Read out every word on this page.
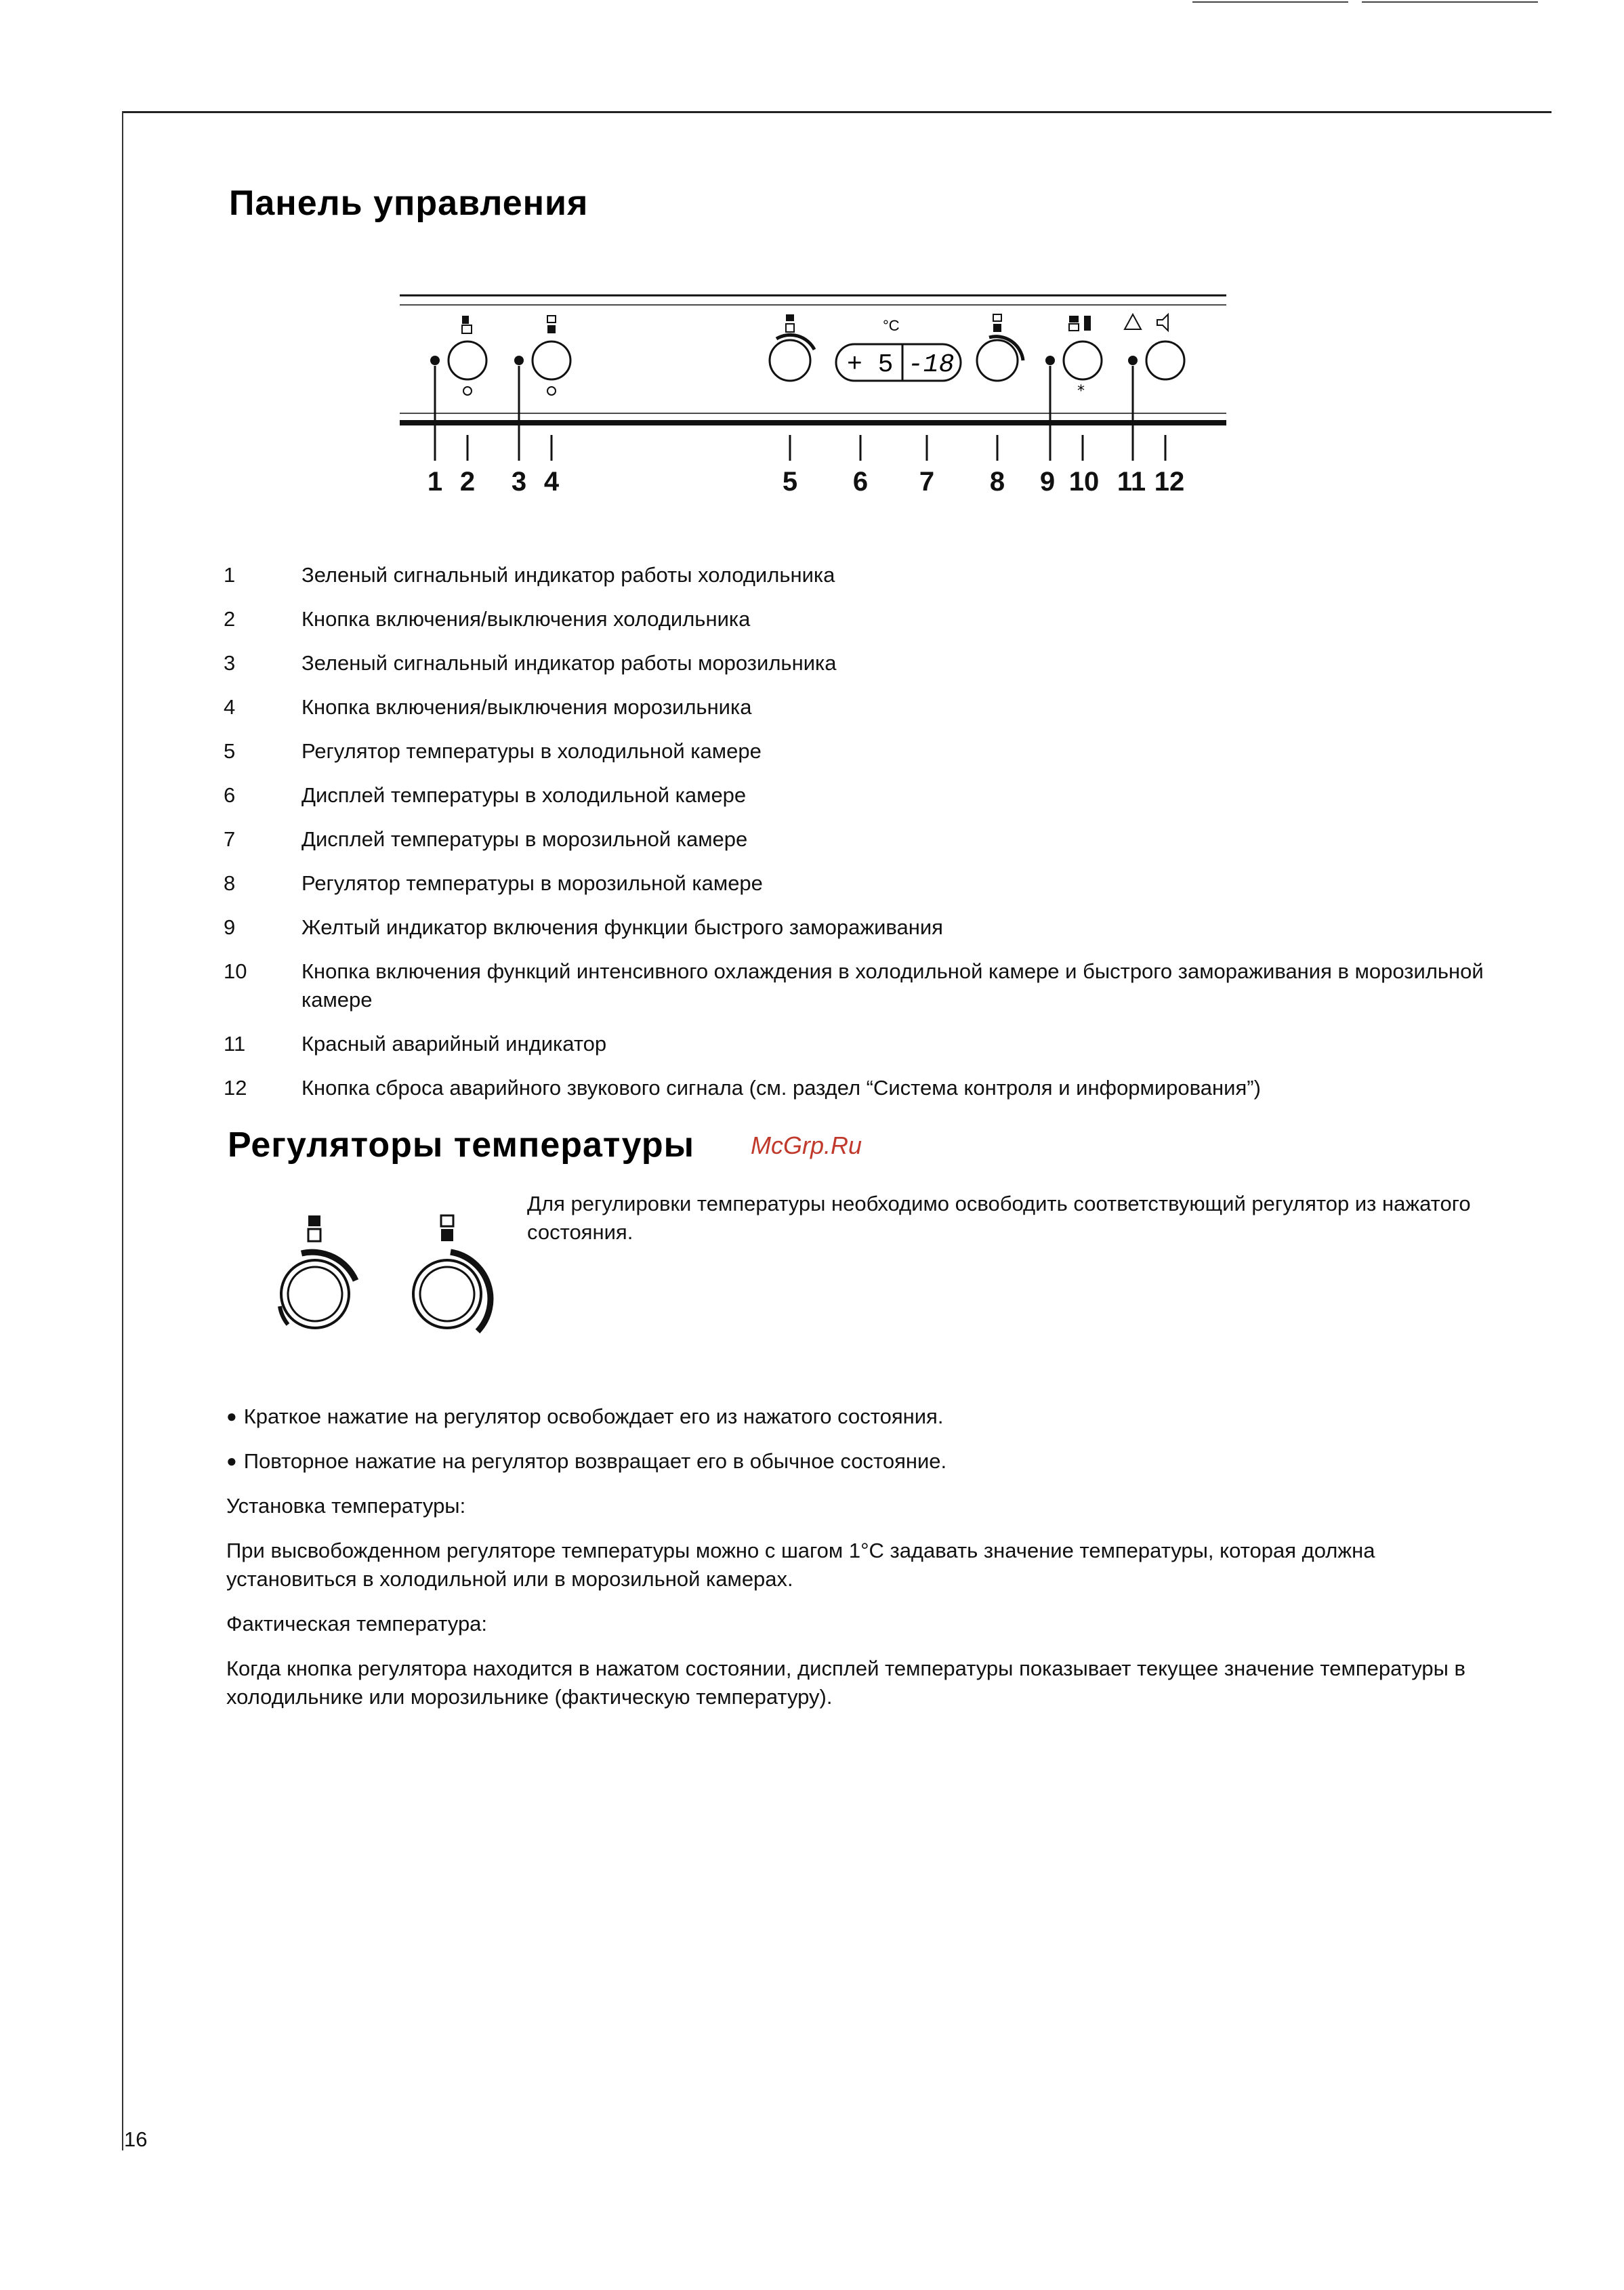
Панель управления
°C
+ 5 -18
*
1 2 3 4	5 6 7 8 9 10 11 12
1	Зеленый сигнальный индикатор работы холодильника
2	Кнопка включения/выключения холодильника
3	Зеленый сигнальный индикатор работы морозильника
4	Кнопка включения/выключения морозильника
5	Регулятор температуры в холодильной камере
6	Дисплей температуры в холодильной камере
7	Дисплей температуры в морозильной камере
8	Регулятор температуры в морозильной камере
9	Желтый индикатор включения функции быстрого замораживания
10	Кнопка включения функций интенсивного охлаждения в холодильной камере и быстрого замораживания в морозильной камере
11	Красный аварийный индикатор
12	Кнопка сброса аварийного звукового сигнала (см. раздел “Система контроля и информирования”)
Регуляторы температуры McGrp.Ru
Для регулировки температуры необходимо освободить соответствующий регулятор из нажатого состояния.
● Краткое нажатие на регулятор освобождает его из нажатого состояния.
● Повторное нажатие на регулятор возвращает его в обычное состояние.
Установка температуры:
При высвобожденном регуляторе температуры можно с шагом 1°С задавать значение температуры, которая должна установиться в холодильной или в морозильной камерах.
Фактическая температура:
Когда кнопка регулятора находится в нажатом состоянии, дисплей температуры показывает текущее значение температуры в холодильнике или морозильнике (фактическую температуру).
16
